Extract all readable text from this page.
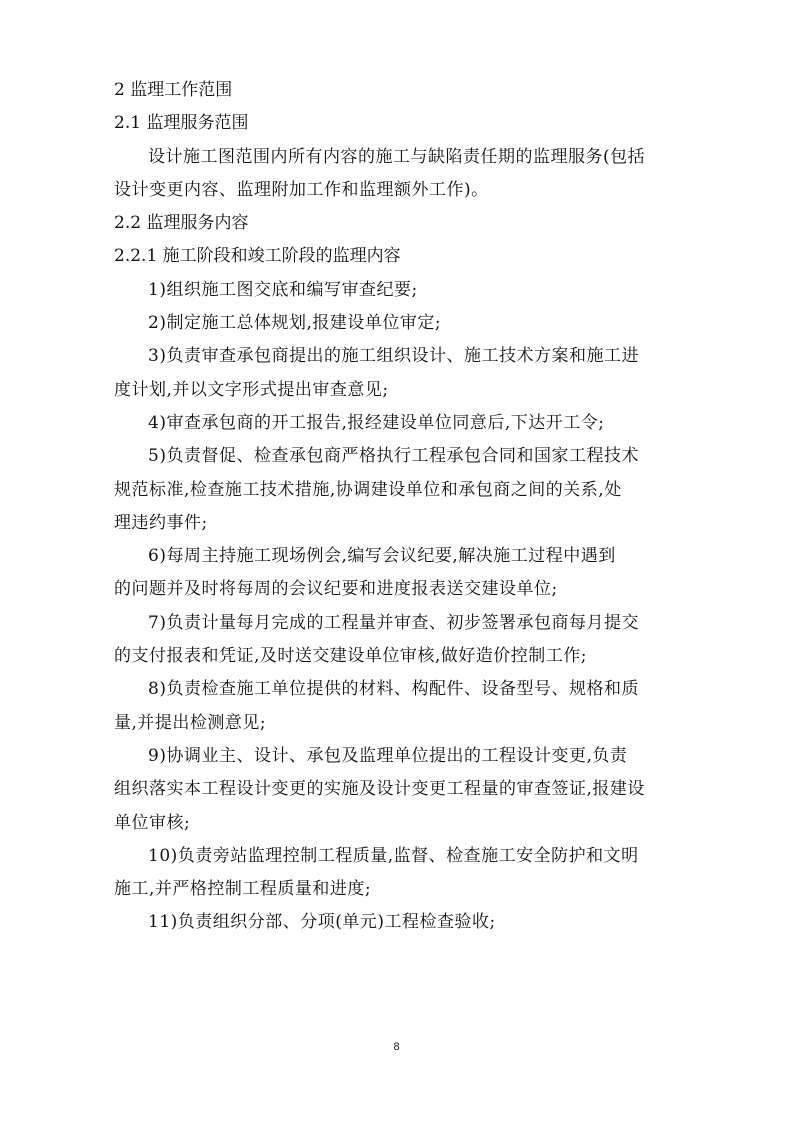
2 监理工作范围
2.1 监理服务范围
设计施工图范围内所有内容的施工与缺陷责任期的监理服务(包括
设计变更内容、监理附加工作和监理额外工作)。
2.2 监理服务内容
2.2.1 施工阶段和竣工阶段的监理内容
1)组织施工图交底和编写审查纪要;
2)制定施工总体规划,报建设单位审定;
3)负责审查承包商提出的施工组织设计、施工技术方案和施工进
度计划,并以文字形式提出审查意见;
4)审查承包商的开工报告,报经建设单位同意后,下达开工令;
5)负责督促、检查承包商严格执行工程承包合同和国家工程技术
规范标准,检查施工技术措施,协调建设单位和承包商之间的关系,处
理违约事件;
6)每周主持施工现场例会,编写会议纪要,解决施工过程中遇到
的问题并及时将每周的会议纪要和进度报表送交建设单位;
7)负责计量每月完成的工程量并审查、初步签署承包商每月提交
的支付报表和凭证,及时送交建设单位审核,做好造价控制工作;
8)负责检查施工单位提供的材料、构配件、设备型号、规格和质
量,并提出检测意见;
9)协调业主、设计、承包及监理单位提出的工程设计变更,负责
组织落实本工程设计变更的实施及设计变更工程量的审查签证,报建设
单位审核;
10)负责旁站监理控制工程质量,监督、检查施工安全防护和文明
施工,并严格控制工程质量和进度;
11)负责组织分部、分项(单元)工程检查验收;
8
